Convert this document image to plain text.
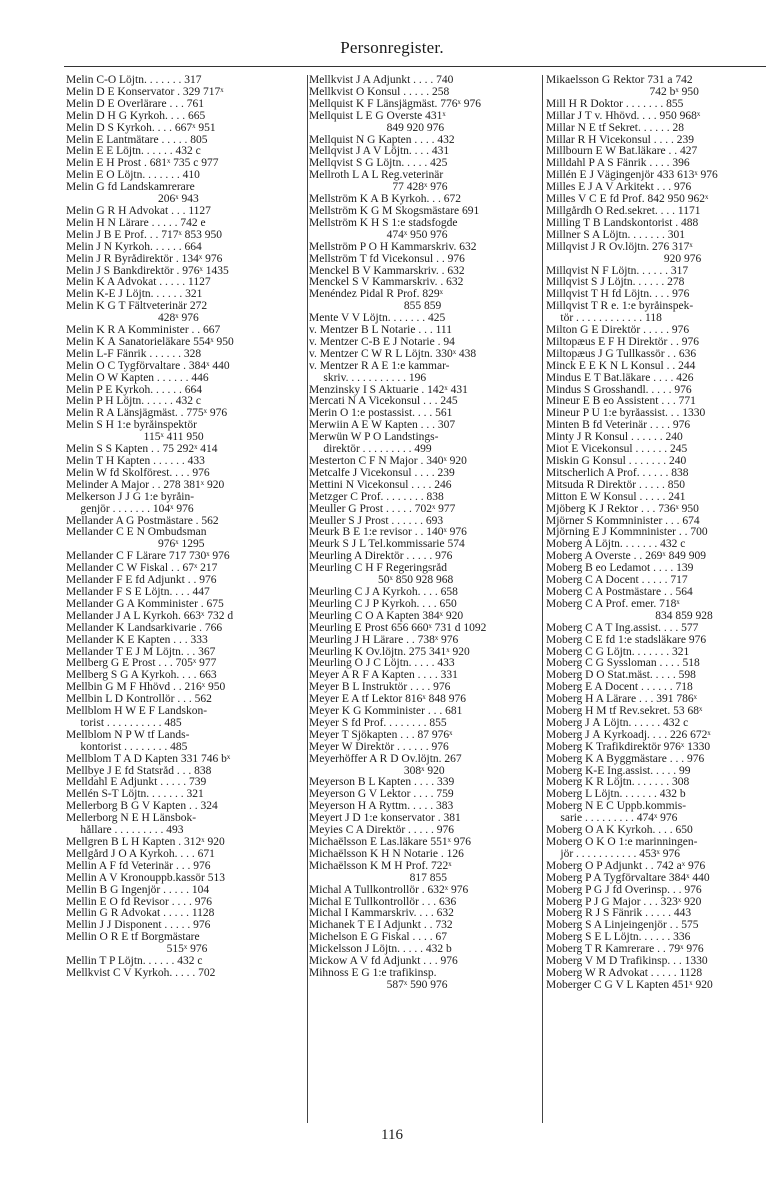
Personregister.
Melin C-O Löjtn. . . . . . . 317
Melin D E Konservator . 329 717ˣ
Melin D E Överlärare . . . 761
Melin D H G Kyrkoh. . . . 665
Melin D S Kyrkoh. . . . 667ˣ 951
Melin E Lantmätare . . . . . 805
Melin E E Löjtn. . . . . . 432 c
Melin E H Prost . 681ˣ 735 c 977
Melin E O Löjtn. . . . . . . 410
Melin G fd Landskamrerare
206ˣ 943
Melin G R H Advokat . . . 1127
Melin H N Lärare . . . . . 742 e
Melin J B E Prof. . . 717ˣ 853 950
Melin J N Kyrkoh. . . . . . 664
Melin J R Byrådirektör . 134ˣ 976
Melin J S Bankdirektör . 976ˣ 1435
Melin K A Advokat . . . . . 1127
Melin K-E J Löjtn. . . . . . 321
Melin K G T Fältveterinär 272
428ˣ 976
Melin K R A Komminister . . 667
Melin K Å Sanatorieläkare 554ˣ 950
Melin L-F Fänrik . . . . . . 328
Melin O C Tygförvaltare . 384ˣ 440
Melin O W Kapten . . . . . . 446
Melin P E Kyrkoh. . . . . . 664
Melin P H Löjtn. . . . . . 432 c
Melin R A Länsjägmäst. . 775ˣ 976
Melin S H 1:e byråinspektör
115ˣ 411 950
Melin S S Kapten . . 75 292ˣ 414
Melin T H Kapten . . . . . . 433
Melin W fd Skolförest. . . . 976
Melinder A Major . . 278 381ˣ 920
Melkerson J J G 1:e byråin-
genjör . . . . . . . 104ˣ 976
Mellander A G Postmästare . 562
Mellander C E N Ombudsman
976ˣ 1295
Mellander C F Lärare 717 730ˣ 976
Mellander C W Fiskal . . 67ˣ 217
Mellander F E fd Adjunkt . . 976
Mellander F S E Löjtn. . . . 447
Mellander G A Komminister . 675
Mellander J A L Kyrkoh. 663ˣ 732 d
Mellander K Landsarkivarie . 766
Mellander K E Kapten . . . 333
Mellander T E J M Löjtn. . . 367
Mellberg G E Prost . . . 705ˣ 977
Mellberg S G A Kyrkoh. . . . 663
Mellbin G M F Hhövd . . 216ˣ 950
Mellbin L D Kontrollör . . . 562
Mellblom H W E F Landskon-
torist . . . . . . . . . . 485
Mellblom N P W tf Lands-
kontorist . . . . . . . . 485
Mellblom T A D Kapten 331 746 bˣ
Mellbye J E fd Statsråd . . . 838
Melldahl E Adjunkt . . . . . 739
Mellén S-T Löjtn. . . . . . . 321
Mellerborg B G V Kapten . . 324
Mellerborg N E H Länsbok-
hållare . . . . . . . . . 493
Mellgren B L H Kapten . 312ˣ 920
Mellgård J O A Kyrkoh. . . . 671
Mellin A F fd Veterinär . . . 976
Mellin A V Kronouppb.kassör 513
Mellin B G Ingenjör . . . . . 104
Mellin E O fd Revisor . . . . 976
Mellin G R Advokat . . . . . 1128
Mellin J J Disponent . . . . . 976
Mellin O R E tf Borgmästare
515ˣ 976
Mellin T P Löjtn. . . . . . 432 c
Mellkvist C V Kyrkoh. . . . . 702
Mellkvist J A Adjunkt . . . . 740
Mellkvist O Konsul . . . . . 258
Mellquist K F Länsjägmäst. 776ˣ 976
Mellquist L E G Överste 431ˣ
849 920 976
Mellquist N G Kapten . . . . 432
Mellqvist J A V Löjtn. . . . 431
Mellqvist S G Löjtn. . . . . 425
Mellroth L A L Reg.veterinär
77 428ˣ 976
Mellström K A B Kyrkoh. . . 672
Mellström K G M Skogsmästare 691
Mellström K H S 1:e stadsfogde
474ˣ 950 976
Mellström P O H Kammarskriv. 632
Mellström T fd Vicekonsul . . 976
Menckel B V Kammarskriv. . 632
Menckel S V Kammarskriv. . 632
Menéndez Pidal R Prof. 829ˣ
855 859
Mente V V Löjtn. . . . . . . 425
v. Mentzer B L Notarie . . . 111
v. Mentzer C-B E J Notarie . 94
v. Mentzer C W R L Löjtn. 330ˣ 438
v. Mentzer R A E 1:e kammar-
skriv. . . . . . . . . . . 196
Menzinsky I S Aktuarie . 142ˣ 431
Mercati N A Vicekonsul . . . 245
Merin O 1:e postassist. . . . 561
Merwiin A E W Kapten . . . 307
Merwün W P O Landstings-
direktör . . . . . . . . . 499
Mesterton C F N Major . 340ˣ 920
Metcalfe J Vicekonsul . . . . 239
Mettini N Vicekonsul . . . . 246
Metzger C Prof. . . . . . . . 838
Meuller G Prost . . . . . 702ˣ 977
Meuller S J Prost . . . . . . 693
Meurk B E 1:e revisor . . 140ˣ 976
Meurk S J L Tel.kommissarie 574
Meurling A Direktör . . . . . 976
Meurling C H F Regeringsråd
50ˣ 850 928 968
Meurling C J A Kyrkoh. . . . 658
Meurling C J P Kyrkoh. . . . 650
Meurling C O A Kapten 384ˣ 920
Meurling E Prost 656 660ˣ 731 d 1092
Meurling J H Lärare . . 738ˣ 976
Meurling K Öv.löjtn. 275 341ˣ 920
Meurling O J C Löjtn. . . . . 433
Meyer A R F A Kapten . . . . 331
Meyer B L Instruktör . . . . 976
Meyer E A tf Lektor 816ˣ 848 976
Meyer K G Komminister . . . 681
Meyer S fd Prof. . . . . . . . 855
Meyer T Sjökapten . . . 87 976ˣ
Meyer W Direktör . . . . . . 976
Meyerhöffer A R D Öv.löjtn. 267
308ˣ 920
Meyerson B L Kapten . . . . 339
Meyerson G V Lektor . . . . 759
Meyerson H A Ryttm. . . . . 383
Meyert J D 1:e konservator . 381
Meyies C A Direktör . . . . . 976
Michaëlsson E Las.läkare 551ˣ 976
Michaëlsson K H N Notarie . 126
Michaëlsson K M H Prof. 722ˣ
817 855
Michal A Tullkontrollör . 632ˣ 976
Michal E Tullkontrollör . . . 636
Michal I Kammarskriv. . . . 632
Michanek T E I Adjunkt . . 732
Michelson E G Fiskal . . . . 67
Mickelsson J Löjtn. . . . . 432 b
Mickow A V fd Adjunkt . . . 976
Mihnoss E G 1:e trafikinsp.
587ˣ 590 976
Mikaelsson G Rektor 731 a 742
742 bˣ 950
Mill H R Doktor . . . . . . . 855
Millar J T v. Hhövd. . . . 950 968ˣ
Millar N E tf Sekret. . . . . . 28
Millar R H Vicekonsul . . . . 239
Millbourn E W Bat.läkare . . 427
Milldahl P A S Fänrik . . . . 396
Millén E J Vägingenjör 433 613ˣ 976
Milles E J A V Arkitekt . . . 976
Milles V C E fd Prof. 842 950 962ˣ
Millgårdh O Red.sekret. . . . 1171
Milling T B Landskontorist . 488
Millner S A Löjtn. . . . . . . 301
Millqvist J R Öv.löjtn. 276 317ˣ
920 976
Millqvist N F Löjtn. . . . . . 317
Millqvist S J Löjtn. . . . . . 278
Millqvist T H fd Löjtn. . . . 976
Millqvist T R e. 1:e byråinspek-
tör . . . . . . . . . . . . 118
Milton G E Direktör . . . . . 976
Miltopæus E F H Direktör . . 976
Miltopæus J G Tullkassör . . 636
Minck E E K N L Konsul . . 244
Mindus E T Bat.läkare . . . . 426
Mindus S Grosshandl. . . . . 976
Mineur E B eo Assistent . . . 771
Mineur P U 1:e byråassist. . . 1330
Minten B fd Veterinär . . . . 976
Minty J R Konsul . . . . . . 240
Miot E Vicekonsul . . . . . . 245
Miskin G Konsul . . . . . . . 240
Mitscherlich A Prof. . . . . . 838
Mitsuda R Direktör . . . . . 850
Mitton E W Konsul . . . . . 241
Mjöberg K J Rektor . . . 736ˣ 950
Mjörner S Kommninister . . . 674
Mjörning E J Kommninister . . 700
Moberg A Löjtn. . . . . . . 432 c
Moberg A Överste . . 269ˣ 849 909
Moberg B eo Ledamot . . . . 139
Moberg C A Docent . . . . . 717
Moberg C A Postmästare . . 564
Moberg C A Prof. emer. 718ˣ
834 859 928
Moberg C A T Ing.assist. . . . 577
Moberg C E fd 1:e stadsläkare 976
Moberg C G Löjtn. . . . . . . 321
Moberg C G Syssloman . . . . 518
Moberg D O Stat.mäst. . . . . 598
Moberg E A Docent . . . . . . 718
Moberg H A Lärare . . . 391 786ˣ
Moberg H M tf Rev.sekret. 53 68ˣ
Moberg J Å Löjtn. . . . . . 432 c
Moberg J Å Kyrkoadj. . . . 226 672ˣ
Moberg K Trafikdirektör 976ˣ 1330
Moberg K A Byggmästare . . . 976
Moberg K-E Ing.assist. . . . . 99
Moberg K R Löjtn. . . . . . . 308
Moberg L Löjtn. . . . . . . 432 b
Moberg N E C Uppb.kommis-
sarie . . . . . . . . . 474ˣ 976
Moberg O A K Kyrkoh. . . . 650
Moberg O K O 1:e marinningen-
jör . . . . . . . . . . . 453ˣ 976
Moberg O P Adjunkt . . 742 aˣ 976
Moberg P A Tygförvaltare 384ˣ 440
Moberg P G J fd Överinsp. . . 976
Moberg P J G Major . . . 323ˣ 920
Moberg R J S Fänrik . . . . . 443
Moberg S A Linjeingenjör . . 575
Moberg S E L Löjtn. . . . . . 336
Moberg T R Kamrerare . . 79ˣ 976
Moberg V M D Trafikinsp. . . 1330
Moberg W R Advokat . . . . . 1128
Moberger C G V L Kapten 451ˣ 920
116
